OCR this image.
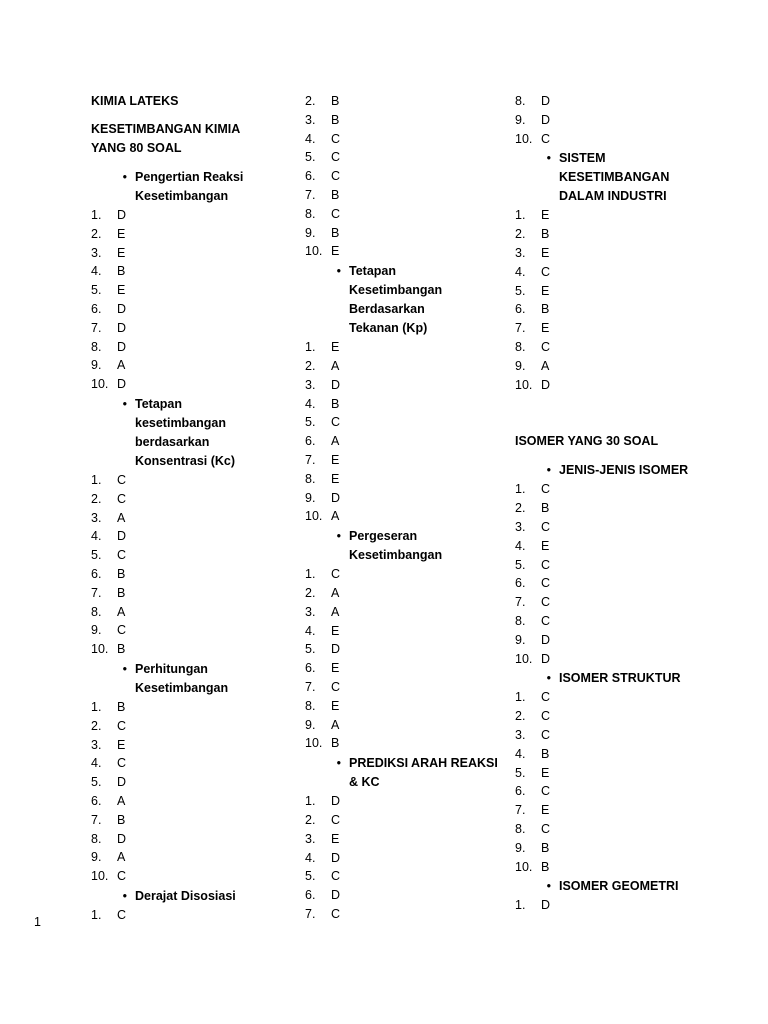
KIMIA LATEKS

KESETIMBANGAN KIMIA YANG 80 SOAL

• Pengertian Reaksi Kesetimbangan
1.	D
2.	E
3.	E
4.	B
5.	E
6.	D
7.	D
8.	D
9.	A
10. D
• Tetapan kesetimbangan berdasarkan Konsentrasi (Kc)
1.	C
2.	C
3.	A
4.	D
5.	C
6.	B
7.	B
8.	A
9.	C
10. B
• Perhitungan Kesetimbangan
1.	B
2.	C
3.	E
4.	C
5.	D
6.	A
7.	B
8.	D
9.	A
10. C
• Derajat Disosiasi
1.	C
2.	B
3.	B
4.	C
5.	C
6.	C
7.	B
8.	C
9.	B
10. E
• Tetapan Kesetimbangan Berdasarkan Tekanan (Kp)
1.	E
2.	A
3.	D
4.	B
5.	C
6.	A
7.	E
8.	E
9.	D
10. A
• Pergeseran Kesetimbangan
1.	C
2.	A
3.	A
4.	E
5.	D
6.	E
7.	C
8.	E
9.	A
10. B
• PREDIKSI ARAH REAKSI & KC
1.	D
2.	C
3.	E
4.	D
5.	C
6.	D
7.	C
8.	D
9.	D
10. C
• SISTEM KESETIMBANGAN DALAM INDUSTRI
1.	E
2.	B
3.	E
4.	C
5.	E
6.	B
7.	E
8.	C
9.	A
10. D

ISOMER YANG 30 SOAL

• JENIS-JENIS ISOMER
1.	C
2.	B
3.	C
4.	E
5.	C
6.	C
7.	C
8.	C
9.	D
10. D
• ISOMER STRUKTUR
1.	C
2.	C
3.	C
4.	B
5.	E
6.	C
7.	E
8.	C
9.	B
10. B
• ISOMER GEOMETRI
1.	D
1
